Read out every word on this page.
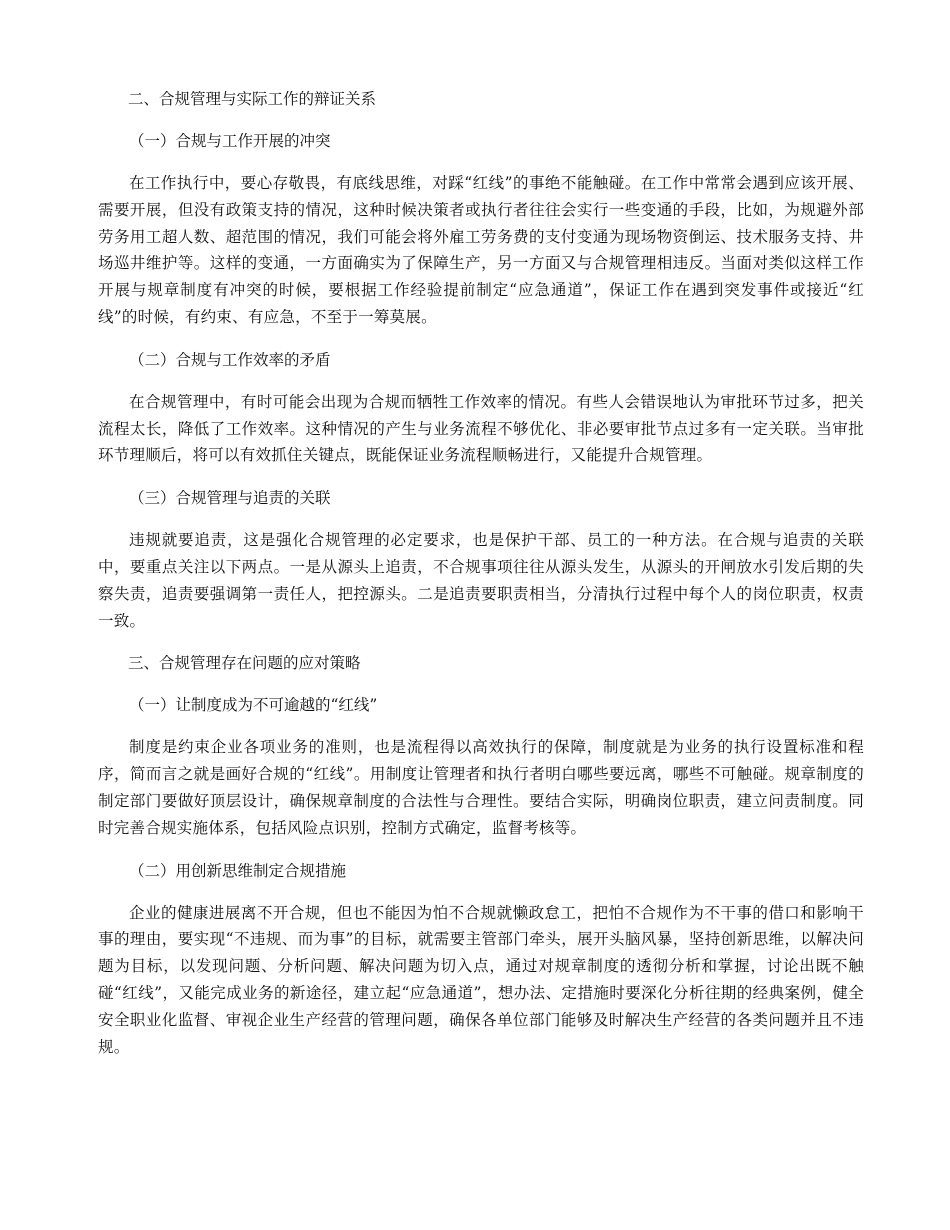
二、合规管理与实际工作的辩证关系

（一）合规与工作开展的冲突

在工作执行中，要心存敬畏，有底线思维，对踩“红线”的事绝不能触碰。在工作中常常会遇到应该开展、需要开展，但没有政策支持的情况，这种时候决策者或执行者往往会实行一些变通的手段，比如，为规避外部劳务用工超人数、超范围的情况，我们可能会将外雇工劳务费的支付变通为现场物资倒运、技术服务支持、井场巡井维护等。这样的变通，一方面确实为了保障生产，另一方面又与合规管理相违反。当面对类似这样工作开展与规章制度有冲突的时候，要根据工作经验提前制定“应急通道”，保证工作在遇到突发事件或接近“红线”的时候，有约束、有应急，不至于一筹莫展。

（二）合规与工作效率的矛盾

在合规管理中，有时可能会出现为合规而牺牲工作效率的情况。有些人会错误地认为审批环节过多，把关流程太长，降低了工作效率。这种情况的产生与业务流程不够优化、非必要审批节点过多有一定关联。当审批环节理顺后，将可以有效抓住关键点，既能保证业务流程顺畅进行，又能提升合规管理。

（三）合规管理与追责的关联

违规就要追责，这是强化合规管理的必定要求，也是保护干部、员工的一种方法。在合规与追责的关联中，要重点关注以下两点。一是从源头上追责，不合规事项往往从源头发生，从源头的开闸放水引发后期的失察失责，追责要强调第一责任人，把控源头。二是追责要职责相当，分清执行过程中每个人的岗位职责，权责一致。

三、合规管理存在问题的应对策略

（一）让制度成为不可逾越的“红线”

制度是约束企业各项业务的准则，也是流程得以高效执行的保障，制度就是为业务的执行设置标准和程序，简而言之就是画好合规的“红线”。用制度让管理者和执行者明白哪些要远离，哪些不可触碰。规章制度的制定部门要做好顶层设计，确保规章制度的合法性与合理性。要结合实际，明确岗位职责，建立问责制度。同时完善合规实施体系，包括风险点识别，控制方式确定，监督考核等。

（二）用创新思维制定合规措施

企业的健康进展离不开合规，但也不能因为怕不合规就懒政怠工，把怕不合规作为不干事的借口和影响干事的理由，要实现“不违规、而为事”的目标，就需要主管部门牵头，展开头脑风暴，坚持创新思维，以解决问题为目标，以发现问题、分析问题、解决问题为切入点，通过对规章制度的透彻分析和掌握，讨论出既不触碰“红线”，又能完成业务的新途径，建立起“应急通道”，想办法、定措施时要深化分析往期的经典案例，健全安全职业化监督、审视企业生产经营的管理问题，确保各单位部门能够及时解决生产经营的各类问题并且不违规。
